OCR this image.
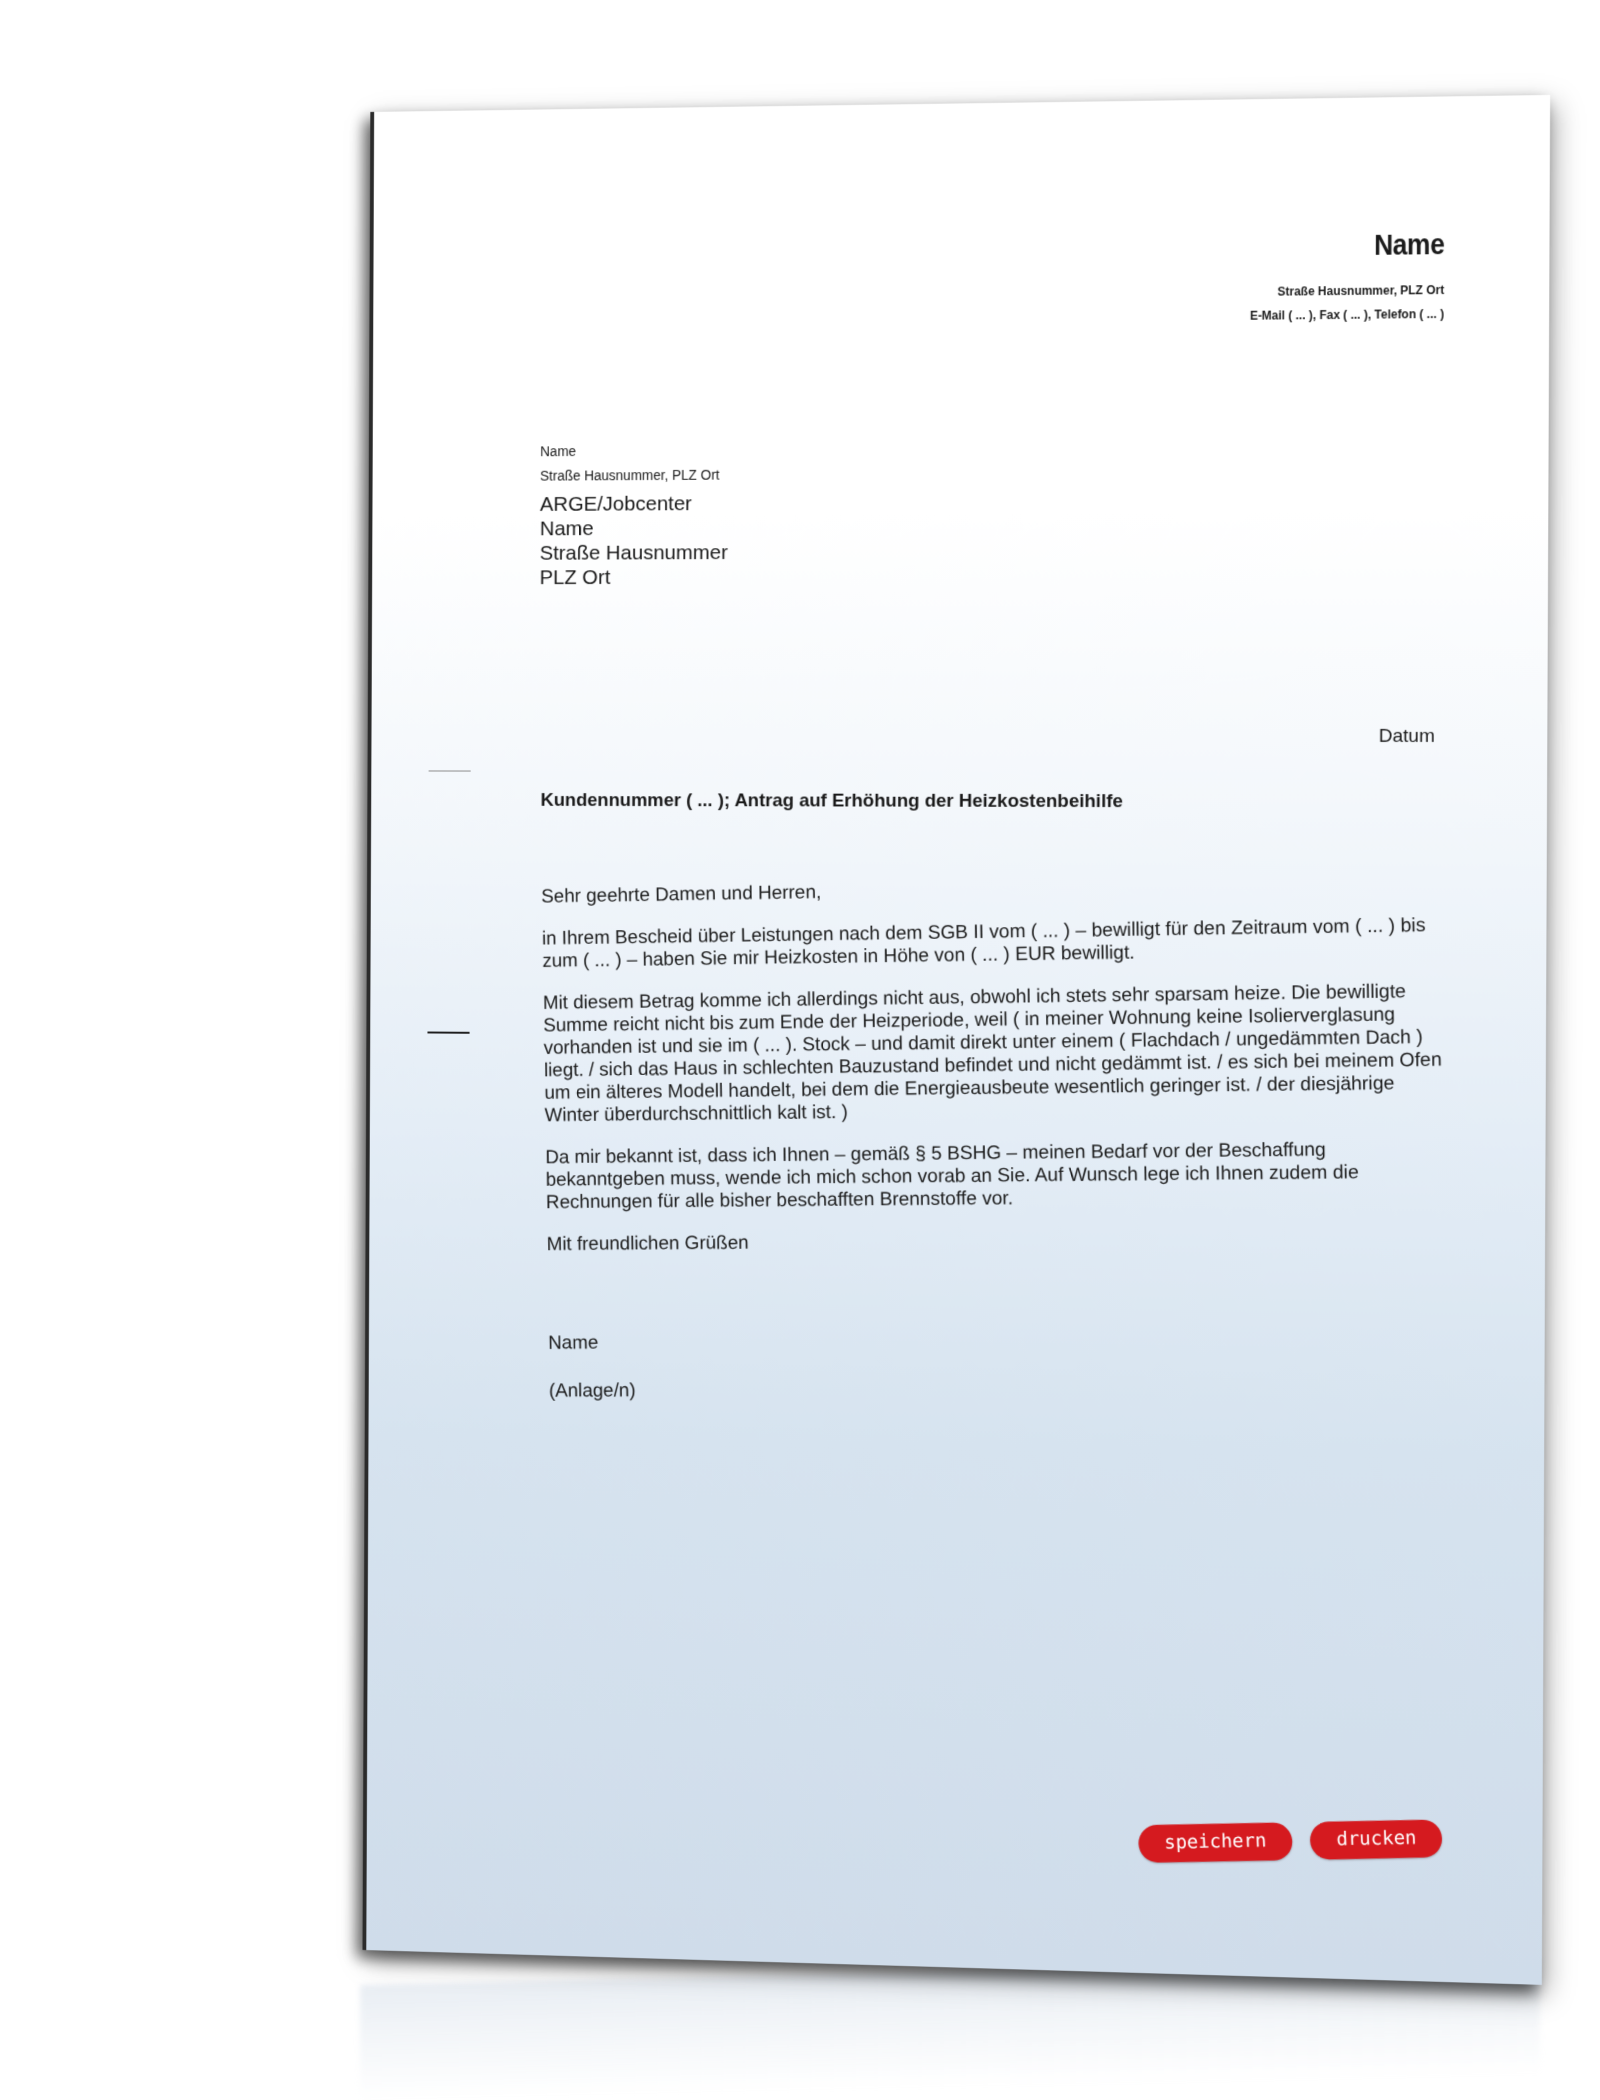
Name
Straße Hausnummer, PLZ Ort
E-Mail ( ... ), Fax ( ... ), Telefon ( ... )
Name
Straße Hausnummer, PLZ Ort
ARGE/Jobcenter
Name
Straße Hausnummer
PLZ Ort
Datum
Kundennummer ( ... ); Antrag auf Erhöhung der Heizkostenbeihilfe

Sehr geehrte Damen und Herren,

in Ihrem Bescheid über Leistungen nach dem SGB II vom ( ... ) – bewilligt für den Zeitraum vom ( ... ) bis zum ( ... ) – haben Sie mir Heizkosten in Höhe von ( ... ) EUR bewilligt.

Mit diesem Betrag komme ich allerdings nicht aus, obwohl ich stets sehr sparsam heize. Die bewilligte Summe reicht nicht bis zum Ende der Heizperiode, weil ( in meiner Wohnung keine Isolierverglasung vorhanden ist und sie im ( ... ). Stock – und damit direkt unter einem ( Flachdach / ungedämmten Dach ) liegt. / sich das Haus in schlechten Bauzustand befindet und nicht gedämmt ist. / es sich bei meinem Ofen um ein älteres Modell handelt, bei dem die Energieausbeute wesentlich geringer ist. / der diesjährige Winter überdurchschnittlich kalt ist. )

Da mir bekannt ist, dass ich Ihnen – gemäß § 5 BSHG – meinen Bedarf vor der Beschaffung bekanntgeben muss, wende ich mich schon vorab an Sie. Auf Wunsch lege ich Ihnen zudem die Rechnungen für alle bisher beschafften Brennstoffe vor.

Mit freundlichen Grüßen

Name

(Anlage/n)

speichern	drucken
